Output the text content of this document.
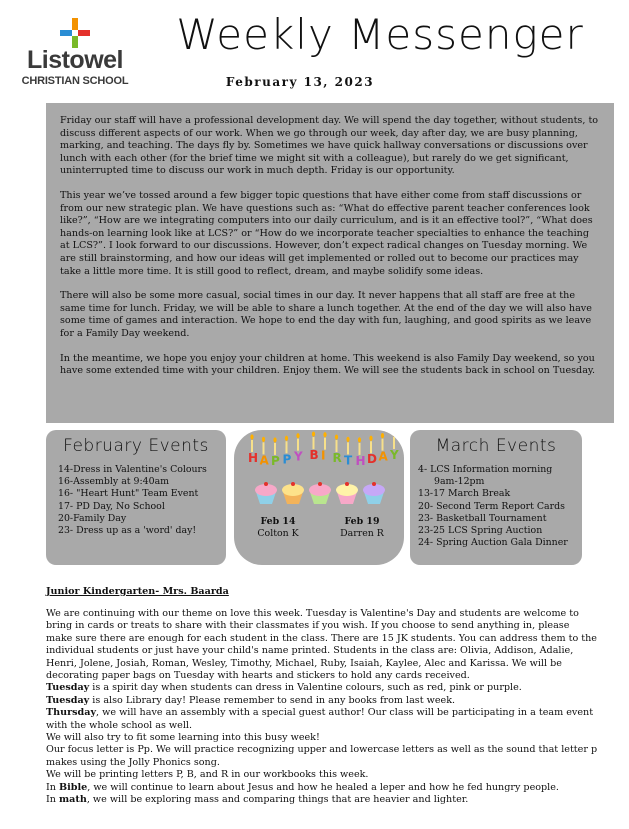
Listowel
CHRISTIAN SCHOOL
Weekly Messenger
February 13, 2023

Friday our staff will have a professional development day. We will spend the day together, without students, to discuss different aspects of our work. When we go through our week, day after day, we are busy planning, marking, and teaching. The days fly by. Sometimes we have quick hallway conversations or discussions over lunch with each other (for the brief time we might sit with a colleague), but rarely do we get significant, uninterrupted time to discuss our work in much depth. Friday is our opportunity.

This year we’ve tossed around a few bigger topic questions that have either come from staff discussions or from our new strategic plan. We have questions such as: “What do effective parent teacher conferences look like?”, “How are we integrating computers into our daily curriculum, and is it an effective tool?”, “What does hands-on learning look like at LCS?” or “How do we incorporate teacher specialties to enhance the teaching at LCS?”. I look forward to our discussions. However, don’t expect radical changes on Tuesday morning. We are still brainstorming, and how our ideas will get implemented or rolled out to become our practices may take a little more time. It is still good to reflect, dream, and maybe solidify some ideas.

There will also be some more casual, social times in our day. It never happens that all staff are free at the same time for lunch. Friday, we will be able to share a lunch together. At the end of the day we will also have some time of games and interaction. We hope to end the day with fun, laughing, and good spirits as we leave for a Family Day weekend.

In the meantime, we hope you enjoy your children at home. This weekend is also Family Day weekend, so you have some extended time with your children. Enjoy them. We will see the students back in school on Tuesday.

February Events
14-Dress in Valentine's Colours
16-Assembly at 9:40am
16- "Heart Hunt" Team Event
17- PD Day, No School
20-Family Day
23- Dress up as a 'word' day!
H A P P Y B I R T H D A Y
Feb 14
Colton K
Feb 19
Darren R
March Events
4- LCS Information morning
9am-12pm
13-17 March Break
20- Second Term Report Cards
23- Basketball Tournament
23-25 LCS Spring Auction
24- Spring Auction Gala Dinner
Junior Kindergarten- Mrs. Baarda

We are continuing with our theme on love this week. Tuesday is Valentine's Day and students are welcome to bring in cards or treats to share with their classmates if you wish. If you choose to send anything in, please make sure there are enough for each student in the class. There are 15 JK students. You can address them to the individual students or just have your child's name printed. Students in the class are: Olivia, Addison, Adalie, Henri, Jolene, Josiah, Roman, Wesley, Timothy, Michael, Ruby, Isaiah, Kaylee, Alec and Karissa. We will be decorating paper bags on Tuesday with hearts and stickers to hold any cards received.

Tuesday is a spirit day when students can dress in Valentine colours, such as red, pink or purple.

Tuesday is also Library day! Please remember to send in any books from last week.

Thursday, we will have an assembly with a special guest author! Our class will be participating in a team event with the whole school as well.

We will also try to fit some learning into this busy week!

Our focus letter is Pp. We will practice recognizing upper and lowercase letters as well as the sound that letter p makes using the Jolly Phonics song.

We will be printing letters P, B, and R in our workbooks this week.

In Bible, we will continue to learn about Jesus and how he healed a leper and how he fed hungry people.

In math, we will be exploring mass and comparing things that are heavier and lighter.
